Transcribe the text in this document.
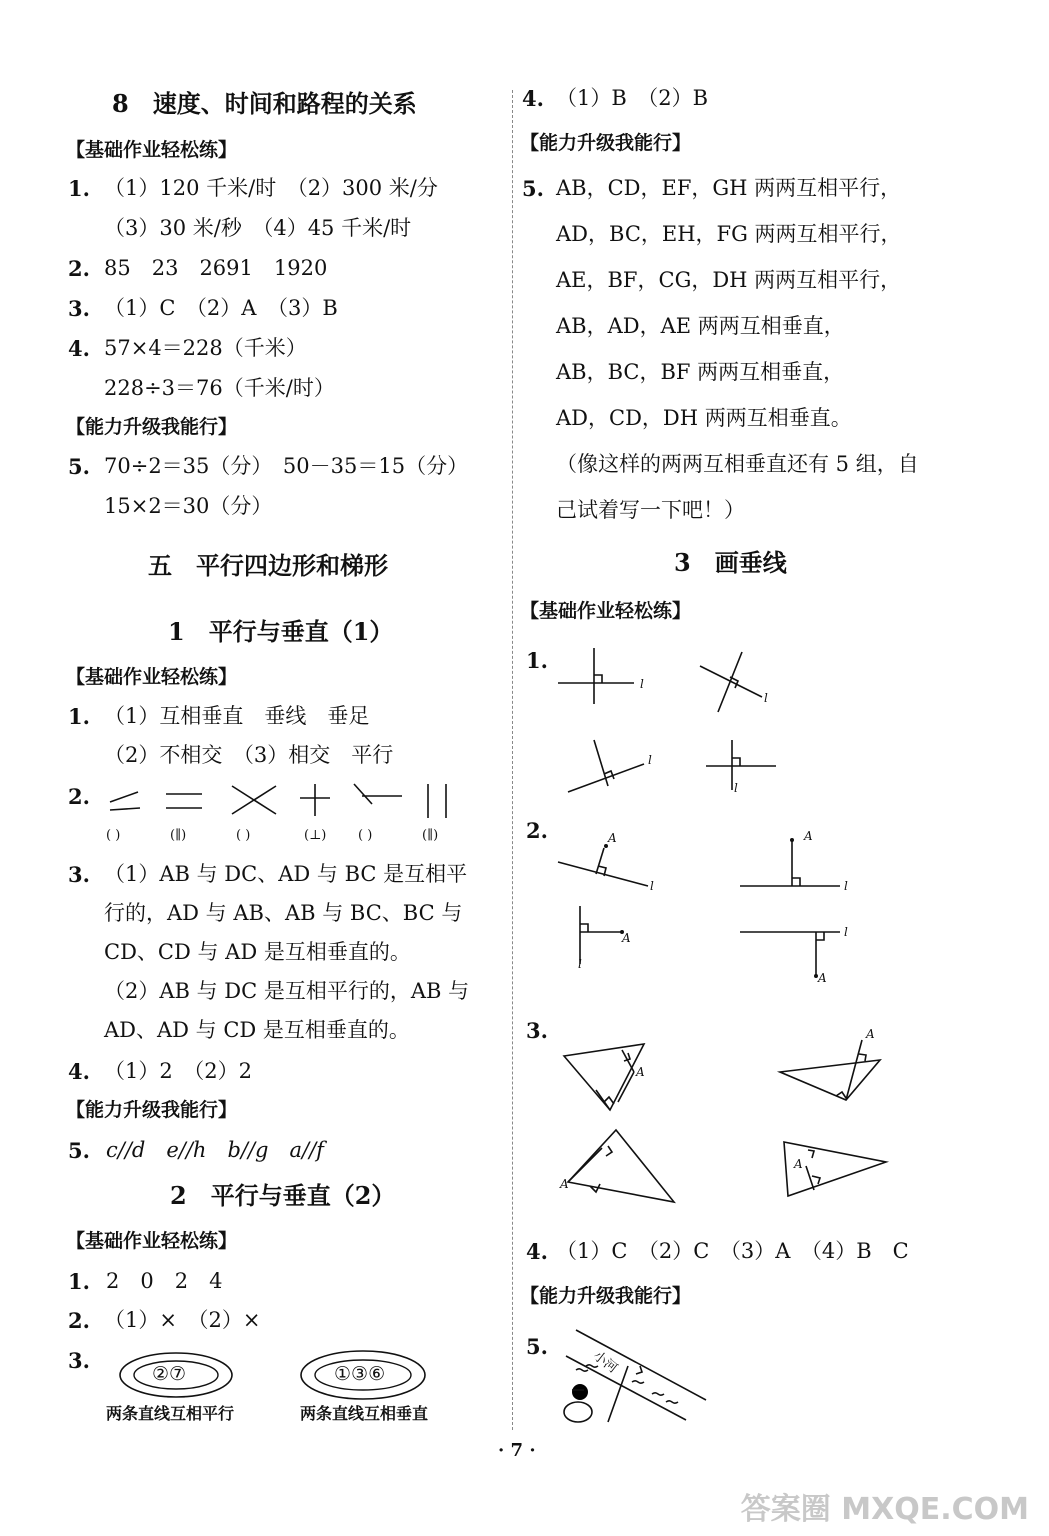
8　速度、时间和路程的关系
【基础作业轻松练】
1. （1）120 千米/时　（2）300 米/分
（3）30 米/秒　（4）45 千米/时
2. 85　23　2691　1920
3. （1）C　（2）A　（3）B
4. 57×4＝228（千米）
228÷3＝76（千米/时）
【能力升级我能行】
5. 70÷2＝35（分）　50－35＝15（分）
15×2＝30（分）
五　平行四边形和梯形
1　平行与垂直（1）
【基础作业轻松练】
1. （1）互相垂直　垂线　垂足
（2）不相交　（3）相交　平行
2.
( )	(∥)	( )	(⊥) ( )	(∥)
3. （1）AB 与 DC、AD 与 BC 是互相平
行的，AD 与 AB、AB 与 BC、BC 与
CD、CD 与 AD 是互相垂直的。
（2）AB 与 DC 是互相平行的，AB 与
AD、AD 与 CD 是互相垂直的。
4. （1）2　（2）2
【能力升级我能行】
5. c//d　e//h　b//g　a//f
2　平行与垂直（2）
【基础作业轻松练】
1. 2　0　2　4
2. （1）×　（2）×
3.
②⑦	①③⑥
两条直线互相平行	两条直线互相垂直
4. （1）B　（2）B
【能力升级我能行】
5. AB，CD，EF，GH 两两互相平行，
AD，BC，EH，FG 两两互相平行，
AE，BF，CG，DH 两两互相平行，
AB，AD，AE 两两互相垂直，
AB，BC，BF 两两互相垂直，
AD，CD，DH 两两互相垂直。
（像这样的两两互相垂直还有 5 组，自
己试着写一下吧！）
3　画垂线
【基础作业轻松练】
1.
l
l
l
l
2.	A
l
A
l
A
l
A
l
3.
A
A
A
A
4. （1）C　（2）C　（3）A　（4）B　C
【能力升级我能行】
5.
小河
· 7 ·
答案圈 MXQE.COM
